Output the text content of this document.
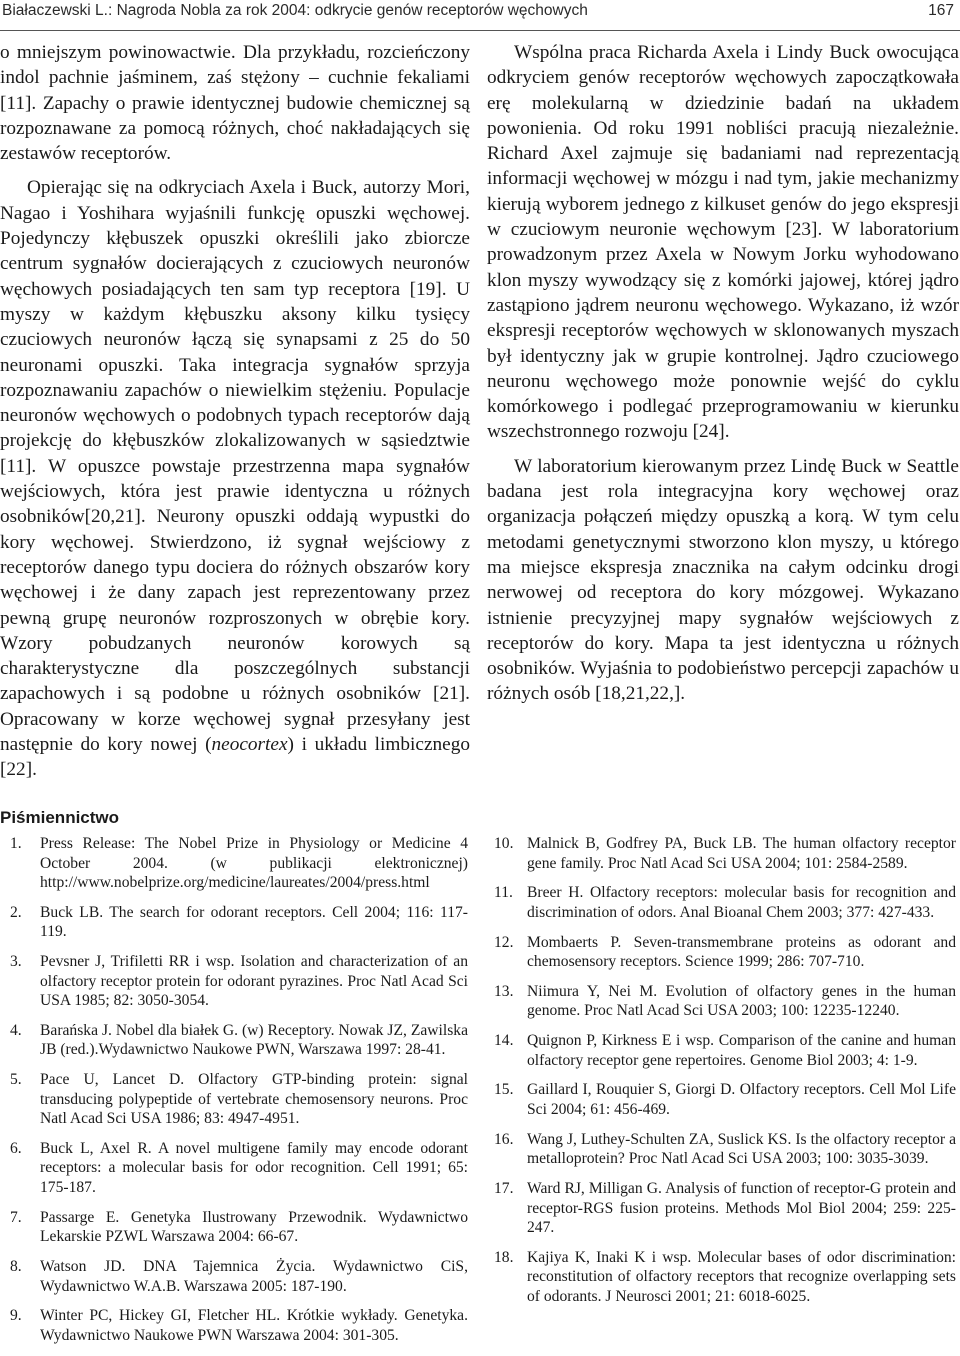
Białaczewski L.: Nagroda Nobla za rok 2004: odkrycie genów receptorów węchowych	167

o mniejszym powinowactwie. Dla przykładu, rozcieńczony indol pachnie jaśminem, zaś stężony – cuchnie fekaliami [11]. Zapachy o prawie identycznej budowie chemicznej są rozpoznawane za pomocą różnych, choć nakładających się zestawów receptorów.

Opierając się na odkryciach Axela i Buck, autorzy Mori, Nagao i Yoshihara wyjaśnili funkcję opuszki węchowej. Pojedynczy kłębuszek opuszki określili jako zbiorcze centrum sygnałów docierających z czuciowych neuronów węchowych posiadających ten sam typ receptora [19]. U myszy w każdym kłębuszku aksony kilku tysięcy czuciowych neuronów łączą się synapsami z 25 do 50 neuronami opuszki. Taka integracja sygnałów sprzyja rozpoznawaniu zapachów o niewielkim stężeniu. Populacje neuronów węchowych o podobnych typach receptorów dają projekcję do kłębuszków zlokalizowanych w sąsiedztwie [11]. W opuszce powstaje przestrzenna mapa sygnałów wejściowych, która jest prawie identyczna u różnych osobników[20,21]. Neurony opuszki oddają wypustki do kory węchowej. Stwierdzono, iż sygnał wejściowy z receptorów danego typu dociera do różnych obszarów kory węchowej i że dany zapach jest reprezentowany przez pewną grupę neuronów rozproszonych w obrębie kory. Wzory pobudzanych neuronów korowych są charakterystyczne dla poszczególnych substancji zapachowych i są podobne u różnych osobników [21]. Opracowany w korze węchowej sygnał przesyłany jest następnie do kory nowej (neocortex) i układu limbicznego [22].

Wspólna praca Richarda Axela i Lindy Buck owocująca odkryciem genów receptorów węchowych zapoczątkowała erę molekularną w dziedzinie badań na układem powonienia. Od roku 1991 nobliści pracują niezależnie. Richard Axel zajmuje się badaniami nad reprezentacją informacji węchowej w mózgu i nad tym, jakie mechanizmy kierują wyborem jednego z kilkuset genów do jego ekspresji w czuciowym neuronie węchowym [23]. W laboratorium prowadzonym przez Axela w Nowym Jorku wyhodowano klon myszy wywodzący się z komórki jajowej, której jądro zastąpiono jądrem neuronu węchowego. Wykazano, iż wzór ekspresji receptorów węchowych w sklonowanych myszach był identyczny jak w grupie kontrolnej. Jądro czuciowego neuronu węchowego może ponownie wejść do cyklu komórkowego i podlegać przeprogramowaniu w kierunku wszechstronnego rozwoju [24].

W laboratorium kierowanym przez Lindę Buck w Seattle badana jest rola integracyjna kory węchowej oraz organizacja połączeń między opuszką a korą. W tym celu metodami genetycznymi stworzono klon myszy, u którego ma miejsce ekspresja znacznika na całym odcinku drogi nerwowej od receptora do kory mózgowej. Wykazano istnienie precyzyjnej mapy sygnałów wejściowych z receptorów do kory. Mapa ta jest identyczna u różnych osobników. Wyjaśnia to podobieństwo percepcji zapachów u różnych osób [18,21,22,].

Piśmiennictwo
1.	Press Release: The Nobel Prize in Physiology or Medicine 4 October 2004. (w publikacji elektronicznej) http://www.nobelprize.org/medicine/laureates/2004/press.html
2.	Buck LB. The search for odorant receptors. Cell 2004; 116: 117-119.
3.	Pevsner J, Trifiletti RR i wsp. Isolation and characterization of an olfactory receptor protein for odorant pyrazines. Proc Natl Acad Sci USA 1985; 82: 3050-3054.
4.	Barańska J. Nobel dla białek G. (w) Receptory. Nowak JZ, Zawilska JB (red.).Wydawnictwo Naukowe PWN, Warszawa 1997: 28-41.
5.	Pace U, Lancet D. Olfactory GTP-binding protein: signal transducing polypeptide of vertebrate chemosensory neurons. Proc Natl Acad Sci USA 1986; 83: 4947-4951.
6.	Buck L, Axel R. A novel multigene family may encode odorant receptors: a molecular basis for odor recognition. Cell 1991; 65: 175-187.
7.	Passarge E. Genetyka Ilustrowany Przewodnik. Wydawnictwo Lekarskie PZWL Warszawa 2004: 66-67.
8.	Watson JD. DNA Tajemnica Życia. Wydawnictwo CiS, Wydawnictwo W.A.B. Warszawa 2005: 187-190.
9.	Winter PC, Hickey GI, Fletcher HL. Krótkie wykłady. Genetyka. Wydawnictwo Naukowe PWN Warszawa 2004: 301-305.
10. Malnick B, Godfrey PA, Buck LB. The human olfactory receptor gene family. Proc Natl Acad Sci USA 2004; 101: 2584-2589.
11. Breer H. Olfactory receptors: molecular basis for recognition and discrimination of odors. Anal Bioanal Chem 2003; 377: 427-433.
12. Mombaerts P. Seven-transmembrane proteins as odorant and chemosensory receptors. Science 1999; 286: 707-710.
13. Niimura Y, Nei M. Evolution of olfactory genes in the human genome. Proc Natl Acad Sci USA 2003; 100: 12235-12240.
14. Quignon P, Kirkness E i wsp. Comparison of the canine and human olfactory receptor gene repertoires. Genome Biol 2003; 4: 1-9.
15. Gaillard I, Rouquier S, Giorgi D. Olfactory receptors. Cell Mol Life Sci 2004; 61: 456-469.
16. Wang J, Luthey-Schulten ZA, Suslick KS. Is the olfactory receptor a metalloprotein? Proc Natl Acad Sci USA 2003; 100: 3035-3039.
17. Ward RJ, Milligan G. Analysis of function of receptor-G protein and receptor-RGS fusion proteins. Methods Mol Biol 2004; 259: 225-247.
18. Kajiya K, Inaki K i wsp. Molecular bases of odor discrimination: reconstitution of olfactory receptors that recognize overlapping sets of odorants. J Neurosci 2001; 21: 6018-6025.
